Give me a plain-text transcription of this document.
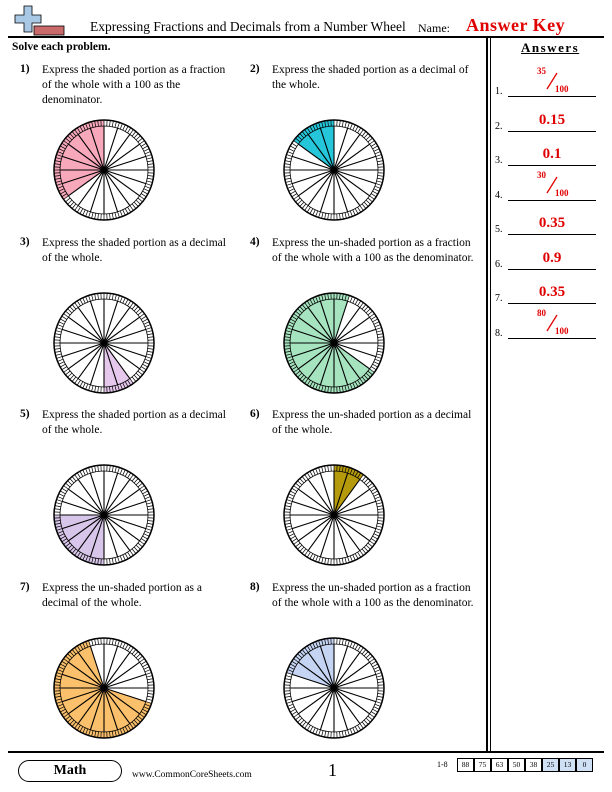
Expressing Fractions and Decimals from a Number Wheel Name: Answer Key
Solve each problem.	Answers
1) Express the shaded portion as a fraction
of the whole with a 100 as the
denominator.
2) Express the shaded portion as a decimal of
the whole.
3) Express the shaded portion as a decimal
of the whole.
4) Express the un-shaded portion as a fraction
of the whole with a 100 as the denominator.
5) Express the shaded portion as a decimal
of the whole.
6) Express the un-shaded portion as a decimal
of the whole.
7) Express the un-shaded portion as a
decimal of the whole.
8) Express the un-shaded portion as a fraction
of the whole with a 100 as the denominator.
1.
35
100
2.	0.15
3.	0.1
4.
30
100
5.	0.35
6.	0.9
7.	0.35
8.
80
100
Math	www.CommonCoreSheets.com	1	1-8	88	75	63	50	38	25	13	0
